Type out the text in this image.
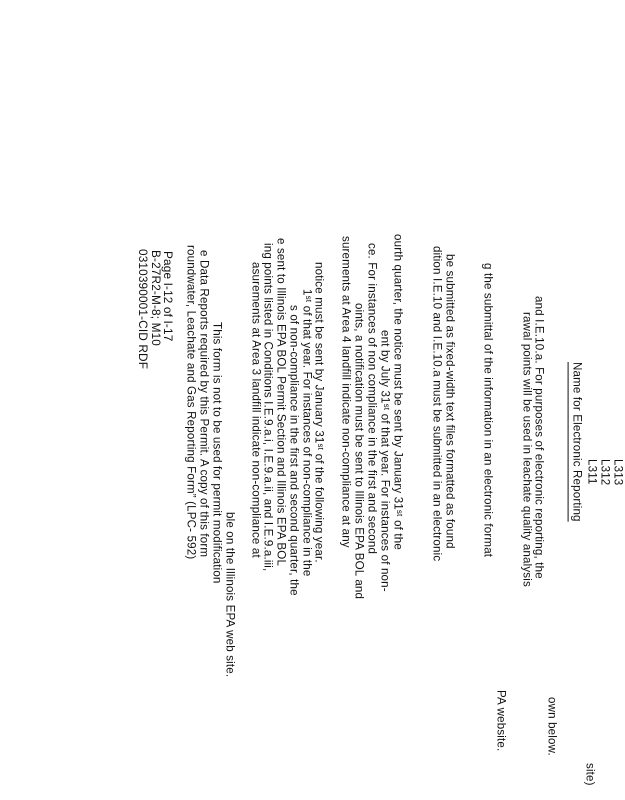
0310390001-CID RDF B-27R2-M-8; M10
Page I-12 of I-17 roundwater, Leachate and Gas Reporting Form” (LPC- 592) e Data Reports required by this Permit. A copy of this form This form is not to be used for permit modification
ble on the Illinois EPA web site.
asurements at Area 3 landfill indicate non-compliance at ing points listed in Conditions I.E.9.a.i, I.E.9.a.ii, and I.E.9.a.iii, e sent to Illinois EPA BOL Permit Section and Illinois EPA BOL s of non-compliance in the first and second quarter, the 1ˢᵗ of that year. For instances of non-compliance in the notice must be sent by January 31ˢᵗ of the following year. surements at Area 4 landfill indicate non-compliance at any oints, a notification must be sent to Illinois EPA BOL and ce. For instances of non compliance in the first and second ent by July 31ˢᵗ of that year. For instances of non- ourth quarter, the notice must be sent by January 31ˢᵗ of the dition I.E.10 and I.E.10.a must be submitted in an electronic be submitted as fixed-width text files formatted as found g the submittal of the information in an electronic format
PA website.
rawal points will be used in leachate quality analysis and I.E.10.a. For purposes of electronic reporting, the
own below.
site)
Name for Electronic Reporting L311 L312 L313
